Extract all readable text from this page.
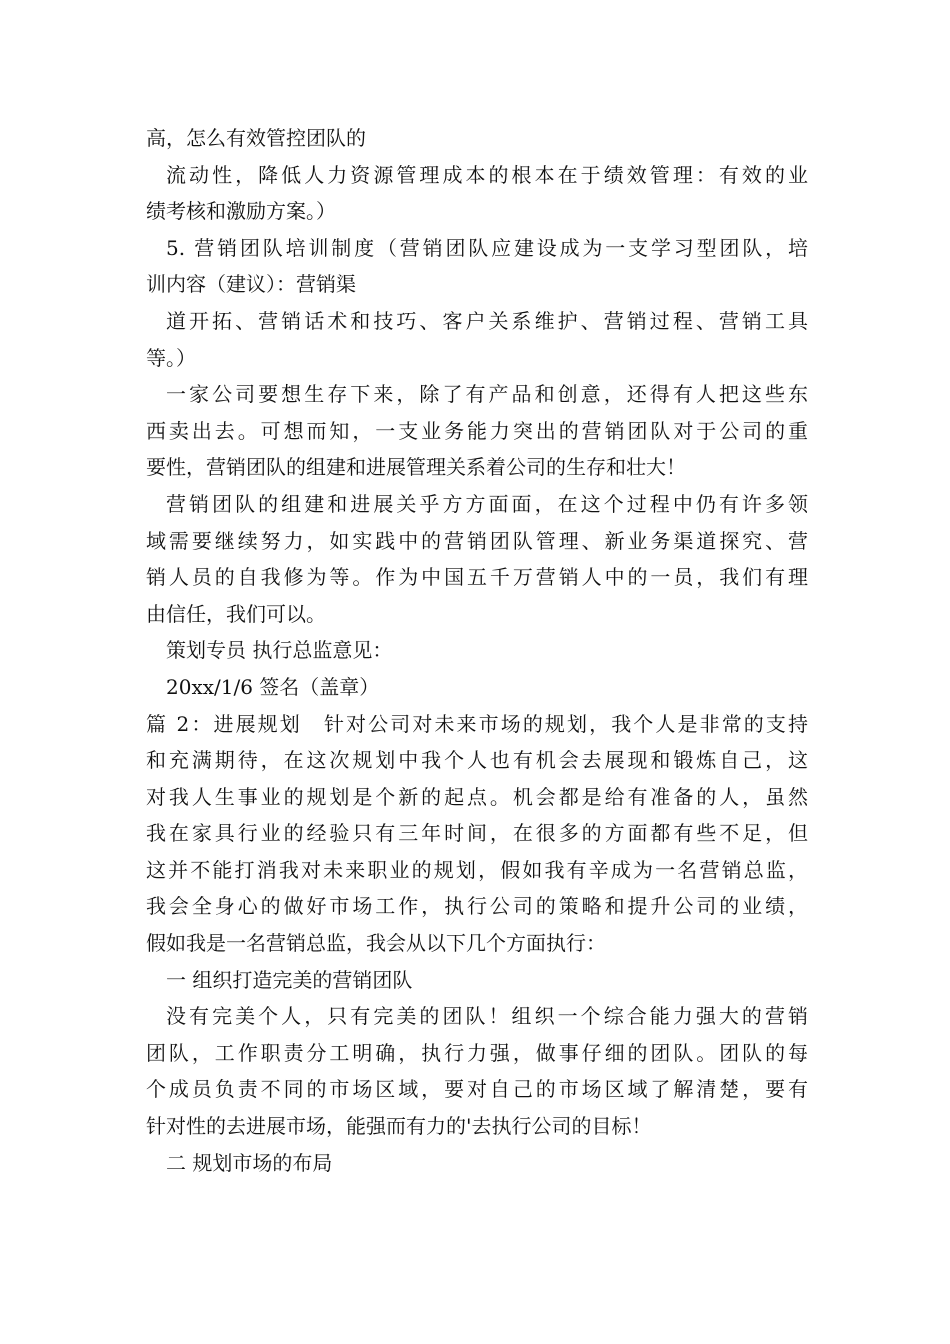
高，怎么有效管控团队的
流动性，降低人力资源管理成本的根本在于绩效管理：有效的业
绩考核和激励方案。）
5. 营销团队培训制度（营销团队应建设成为一支学习型团队，培
训内容（建议）：营销渠
道开拓、营销话术和技巧、客户关系维护、营销过程、营销工具
等。）
一家公司要想生存下来，除了有产品和创意，还得有人把这些东
西卖出去。可想而知，一支业务能力突出的营销团队对于公司的重
要性，营销团队的组建和进展管理关系着公司的生存和壮大！
营销团队的组建和进展关乎方方面面，在这个过程中仍有许多领
域需要继续努力，如实践中的营销团队管理、新业务渠道探究、营
销人员的自我修为等。作为中国五千万营销人中的一员，我们有理
由信任，我们可以。
策划专员 执行总监意见：
20xx/1/6 签名（盖章）
篇 2：进展规划　针对公司对未来市场的规划，我个人是非常的支持
和充满期待，在这次规划中我个人也有机会去展现和锻炼自己，这
对我人生事业的规划是个新的起点。机会都是给有准备的人，虽然
我在家具行业的经验只有三年时间，在很多的方面都有些不足，但
这并不能打消我对未来职业的规划，假如我有辛成为一名营销总监，
我会全身心的做好市场工作，执行公司的策略和提升公司的业绩，
假如我是一名营销总监，我会从以下几个方面执行：
一 组织打造完美的营销团队
没有完美个人，只有完美的团队！组织一个综合能力强大的营销
团队，工作职责分工明确，执行力强，做事仔细的团队。团队的每
个成员负责不同的市场区域，要对自己的市场区域了解清楚，要有
针对性的去进展市场，能强而有力的'去执行公司的目标！
二 规划市场的布局
